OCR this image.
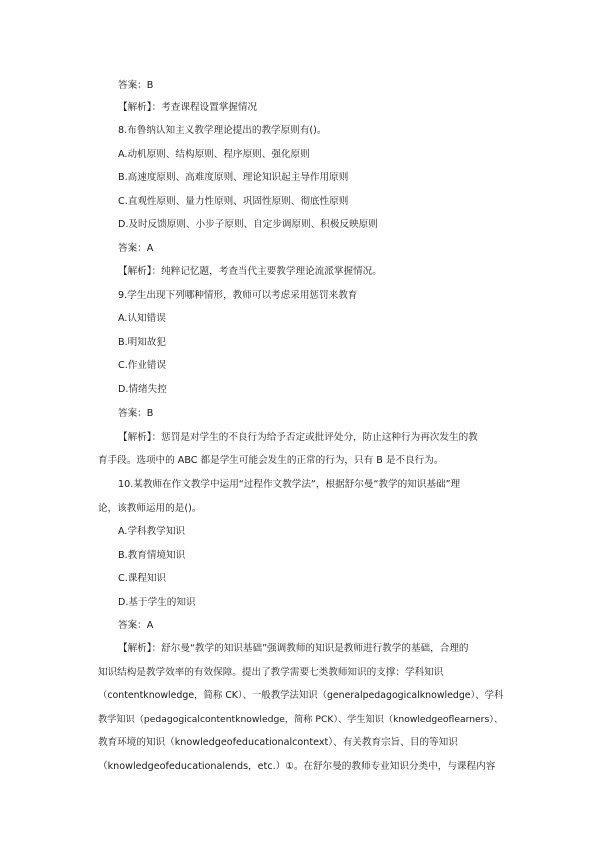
答案：B
【解析】：考查课程设置掌握情况
8.布鲁纳认知主义教学理论提出的教学原则有()。
A.动机原则、结构原则、程序原则、强化原则
B.高速度原则、高难度原则、理论知识起主导作用原则
C.直观性原则、量力性原则、巩固性原则、彻底性原则
D.及时反馈原则、小步子原则、自定步调原则、积极反映原则
答案：A
【解析】：纯粹记忆题，考查当代主要教学理论流派掌握情况。
9.学生出现下列哪种情形，教师可以考虑采用惩罚来教育
A.认知错误
B.明知故犯
C.作业错误
D.情绪失控
答案：B
【解析】：惩罚是对学生的不良行为给予否定或批评处分，防止这种行为再次发生的教
育手段。选项中的 ABC 都是学生可能会发生的正常的行为，只有 B 是不良行为。
10.某教师在作文教学中运用“过程作文教学法“，根据舒尔曼“教学的知识基础”理
论，该教师运用的是()。
A.学科教学知识
B.教育情境知识
C.课程知识
D.基于学生的知识
答案：A
【解析】：舒尔曼“教学的知识基础”强调教师的知识是教师进行教学的基础，合理的
知识结构是教学效率的有效保障。提出了教学需要七类教师知识的支撑：学科知识
（contentknowledge，简称 CK）、一般教学法知识（generalpedagogicalknowledge）、学科
教学知识（pedagogicalcontentknowledge，简称 PCK）、学生知识（knowledgeoflearners）、
教育环境的知识（knowledgeofeducationalcontext）、有关教育宗旨、目的等知识
（knowledgeofeducationalends，etc.）①。在舒尔曼的教师专业知识分类中，与课程内容
